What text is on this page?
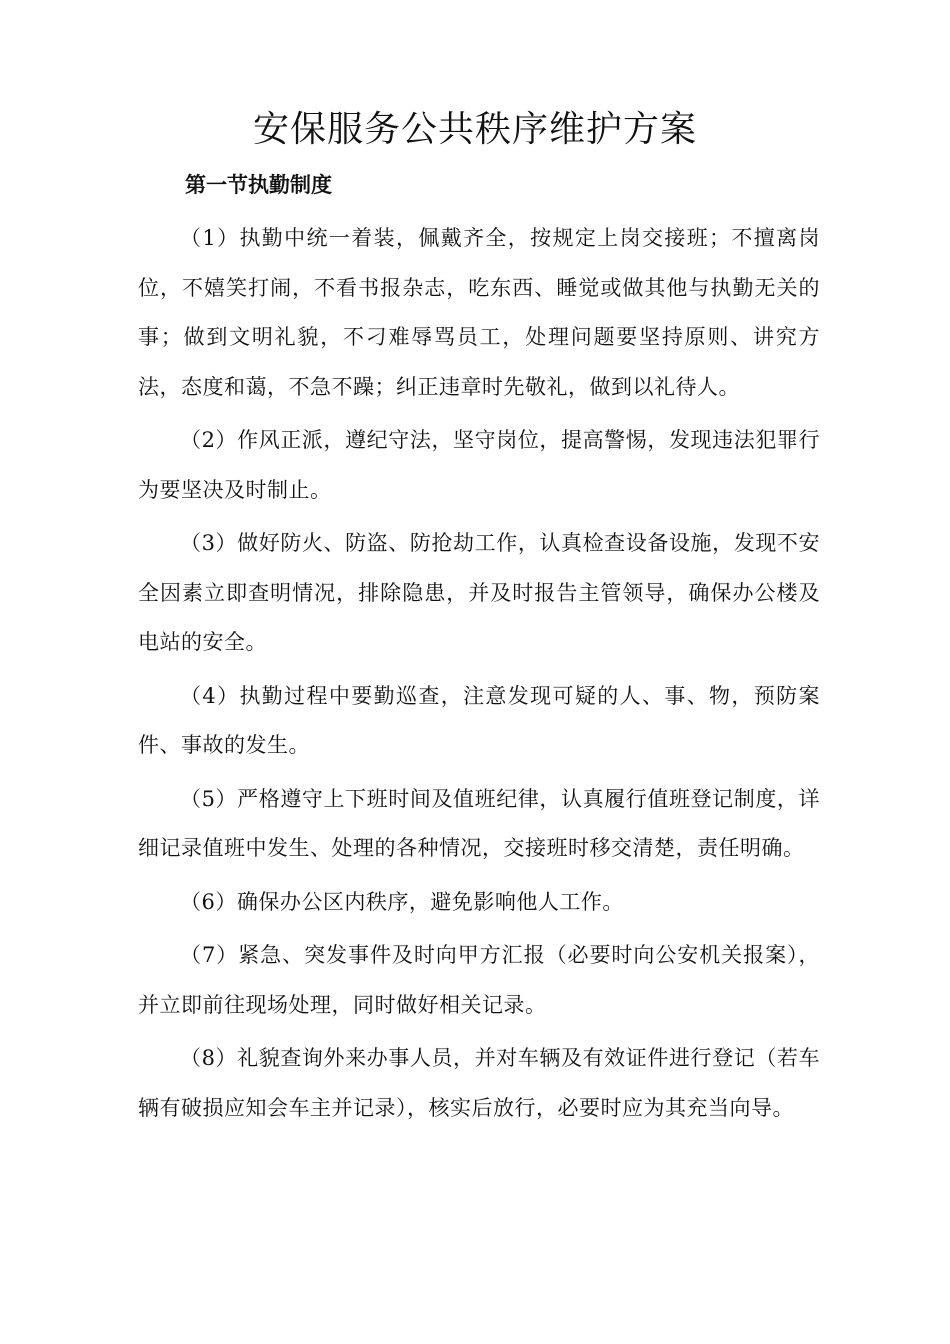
安保服务公共秩序维护方案
第一节执勤制度

（1）执勤中统一着装，佩戴齐全，按规定上岗交接班；不擅离岗位，不嬉笑打闹，不看书报杂志，吃东西、睡觉或做其他与执勤无关的事；做到文明礼貌，不刁难辱骂员工，处理问题要坚持原则、讲究方法，态度和蔼，不急不躁；纠正违章时先敬礼，做到以礼待人。

（2）作风正派，遵纪守法，坚守岗位，提高警惕，发现违法犯罪行为要坚决及时制止。

（3）做好防火、防盗、防抢劫工作，认真检查设备设施，发现不安全因素立即查明情况，排除隐患，并及时报告主管领导，确保办公楼及电站的安全。

（4）执勤过程中要勤巡查，注意发现可疑的人、事、物，预防案件、事故的发生。

（5）严格遵守上下班时间及值班纪律，认真履行值班登记制度，详细记录值班中发生、处理的各种情况，交接班时移交清楚，责任明确。

（6）确保办公区内秩序，避免影响他人工作。

（7）紧急、突发事件及时向甲方汇报（必要时向公安机关报案），并立即前往现场处理，同时做好相关记录。

（8）礼貌查询外来办事人员，并对车辆及有效证件进行登记（若车辆有破损应知会车主并记录），核实后放行，必要时应为其充当向导。
